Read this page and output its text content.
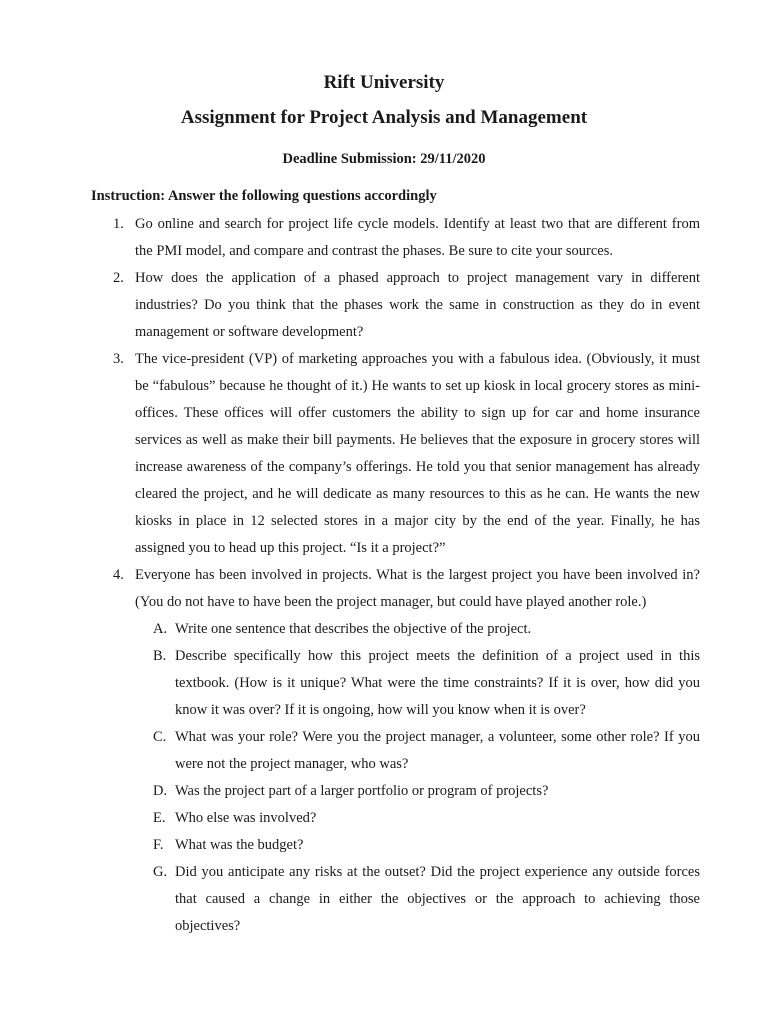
Rift University
Assignment for Project Analysis and Management
Deadline Submission: 29/11/2020
Instruction: Answer the following questions accordingly
1. Go online and search for project life cycle models. Identify at least two that are different from the PMI model, and compare and contrast the phases. Be sure to cite your sources.
2. How does the application of a phased approach to project management vary in different industries? Do you think that the phases work the same in construction as they do in event management or software development?
3. The vice-president (VP) of marketing approaches you with a fabulous idea. (Obviously, it must be “fabulous” because he thought of it.) He wants to set up kiosk in local grocery stores as mini-offices. These offices will offer customers the ability to sign up for car and home insurance services as well as make their bill payments. He believes that the exposure in grocery stores will increase awareness of the company’s offerings. He told you that senior management has already cleared the project, and he will dedicate as many resources to this as he can. He wants the new kiosks in place in 12 selected stores in a major city by the end of the year. Finally, he has assigned you to head up this project. “Is it a project?”
4. Everyone has been involved in projects. What is the largest project you have been involved in? (You do not have to have been the project manager, but could have played another role.)
A. Write one sentence that describes the objective of the project.
B. Describe specifically how this project meets the definition of a project used in this textbook. (How is it unique? What were the time constraints? If it is over, how did you know it was over? If it is ongoing, how will you know when it is over?
C. What was your role? Were you the project manager, a volunteer, some other role? If you were not the project manager, who was?
D. Was the project part of a larger portfolio or program of projects?
E. Who else was involved?
F. What was the budget?
G. Did you anticipate any risks at the outset? Did the project experience any outside forces that caused a change in either the objectives or the approach to achieving those objectives?
